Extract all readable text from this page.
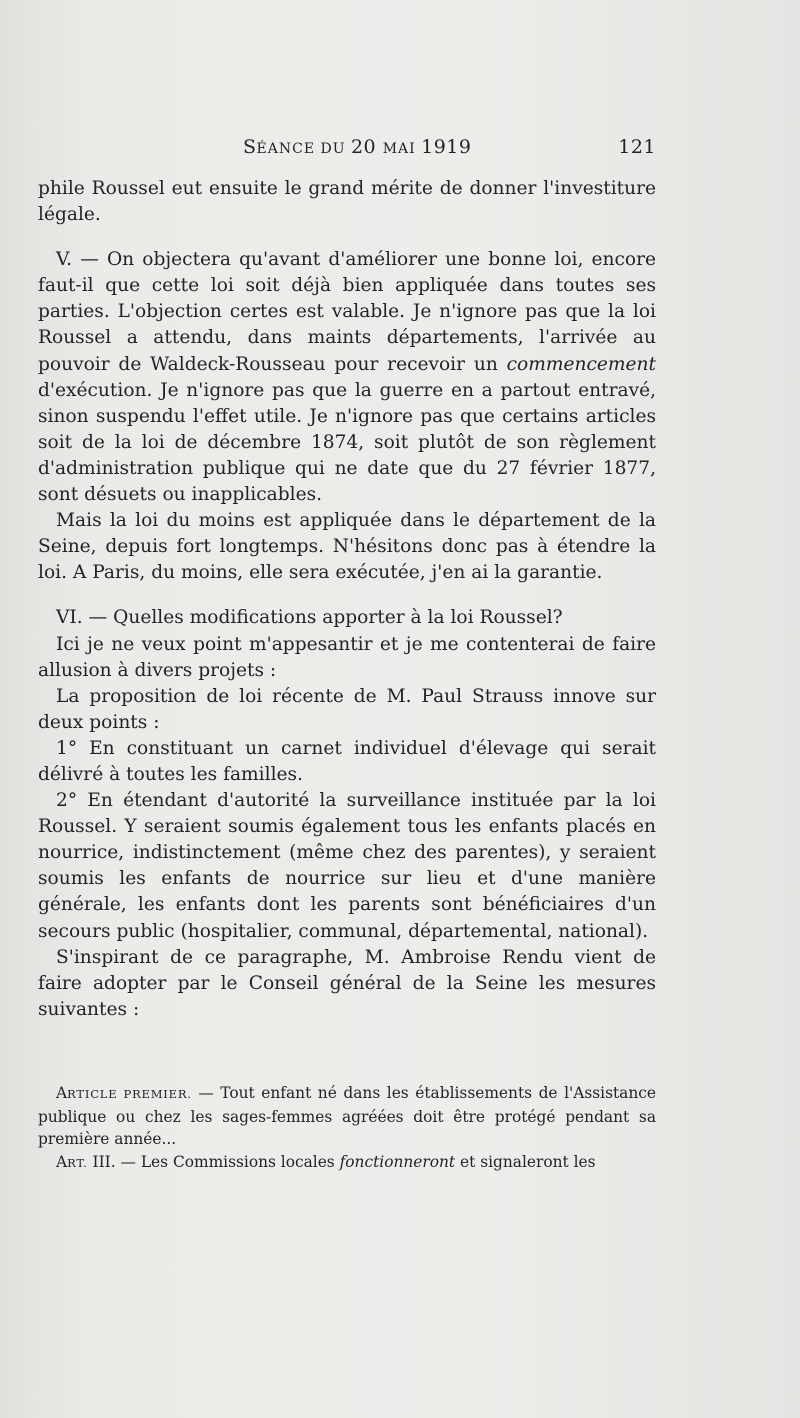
SÉANCE DU 20 MAI 1919	121

phile Roussel eut ensuite le grand mérite de donner l'investiture légale.

V. — On objectera qu'avant d'améliorer une bonne loi, encore faut-il que cette loi soit déjà bien appliquée dans toutes ses parties. L'objection certes est valable. Je n'ignore pas que la loi Roussel a attendu, dans maints départements, l'arrivée au pouvoir de Waldeck-Rousseau pour recevoir un commencement d'exécution. Je n'ignore pas que la guerre en a partout entravé, sinon suspendu l'effet utile. Je n'ignore pas que certains articles soit de la loi de décembre 1874, soit plutôt de son règlement d'administration publique qui ne date que du 27 février 1877, sont désuets ou inapplicables.

Mais la loi du moins est appliquée dans le département de la Seine, depuis fort longtemps. N'hésitons donc pas à étendre la loi. A Paris, du moins, elle sera exécutée, j'en ai la garantie.

VI. — Quelles modifications apporter à la loi Roussel?

Ici je ne veux point m'appesantir et je me contenterai de faire allusion à divers projets :

La proposition de loi récente de M. Paul Strauss innove sur deux points :

1° En constituant un carnet individuel d'élevage qui serait délivré à toutes les familles.

2° En étendant d'autorité la surveillance instituée par la loi Roussel. Y seraient soumis également tous les enfants placés en nourrice, indistinctement (même chez des parentes), y seraient soumis les enfants de nourrice sur lieu et d'une manière générale, les enfants dont les parents sont bénéficiaires d'un secours public (hospitalier, communal, départemental, national).

S'inspirant de ce paragraphe, M. Ambroise Rendu vient de faire adopter par le Conseil général de la Seine les mesures suivantes :

ARTICLE PREMIER. — Tout enfant né dans les établissements de l'Assistance publique ou chez les sages-femmes agréées doit être protégé pendant sa première année...

ART. III. — Les Commissions locales fonctionneront et signaleront les
